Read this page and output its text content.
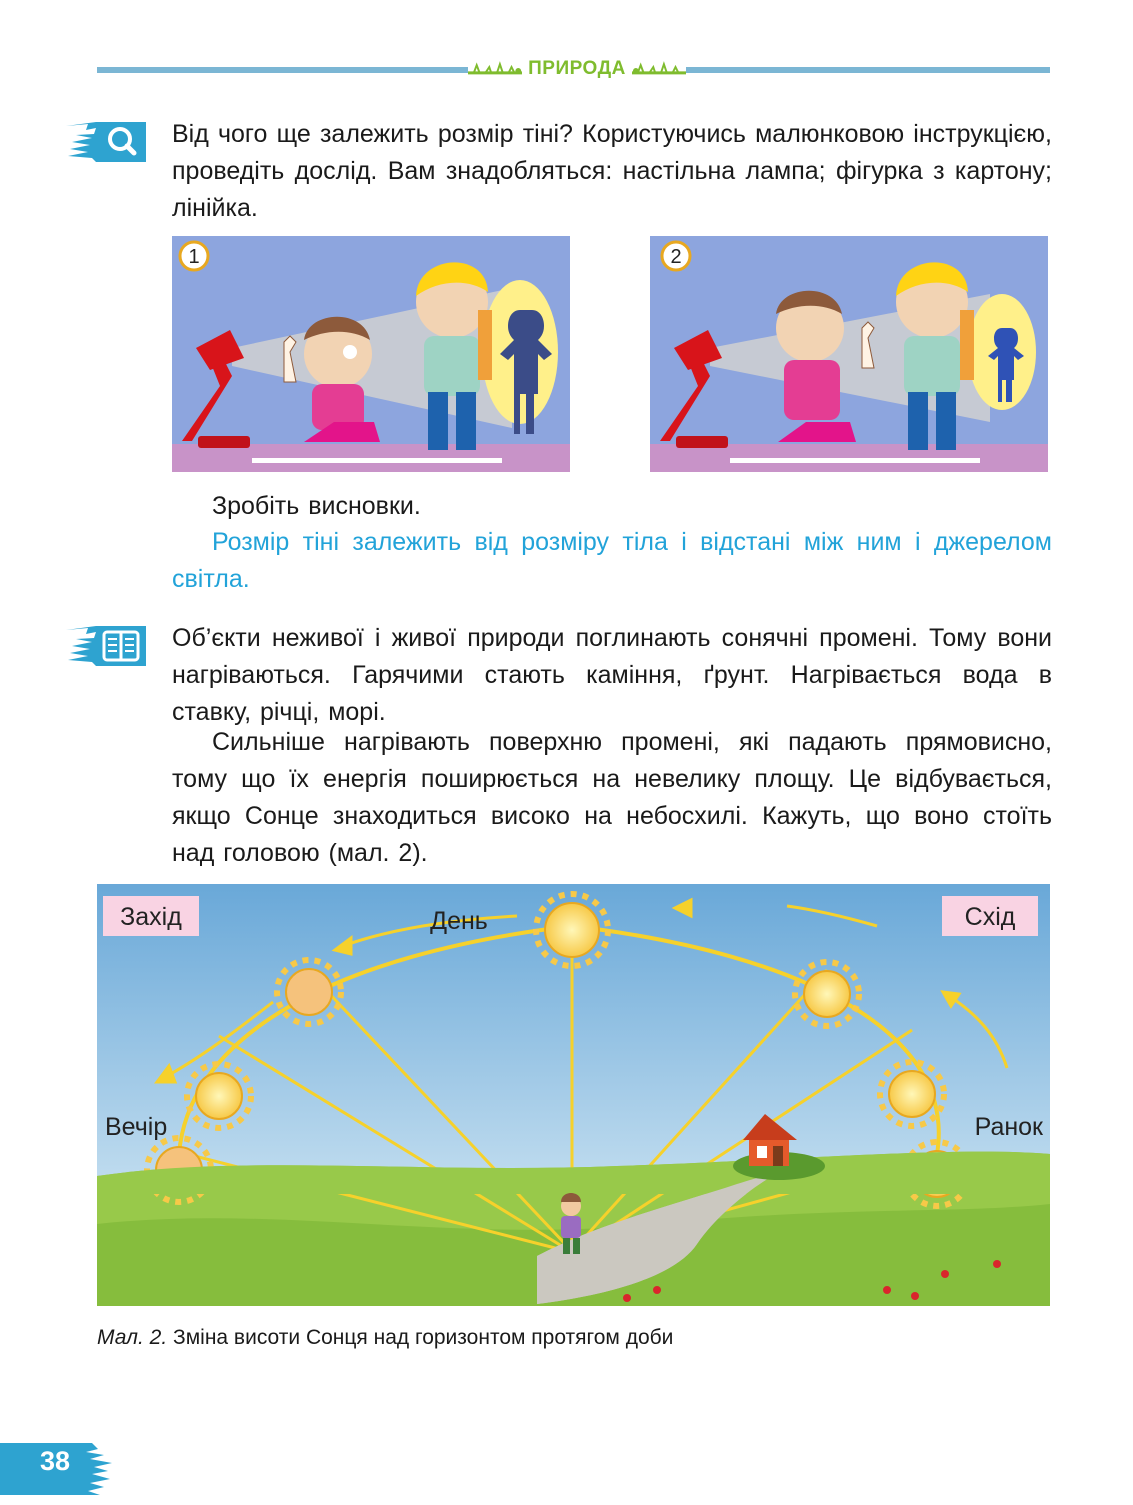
ПРИРОДА

Від чого ще залежить розмір тіні? Користуючись малюнковою інструкцією, проведіть дослід. Вам знадобляться: настільна лампа; фігурка з картону; лінійка.

1	2

Зробіть висновки.

Розмір тіні залежить від розміру тіла і відстані між ним і джерелом світла.

Об’єкти неживої і живої природи поглинають сонячні промені. Тому вони нагріваються. Гарячими стають каміння, ґрунт. Нагрівається вода в ставку, річці, морі.

Сильніше нагрівають поверхню промені, які падають прямовисно, тому що їх енергія поширюється на невелику площу. Це відбувається, якщо Сонце знаходиться високо на небосхилі. Кажуть, що воно стоїть над головою (мал. 2).

Захід	День	Схід
Вечір	Ранок
Мал. 2. Зміна висоти Сонця над горизонтом протягом доби
38
